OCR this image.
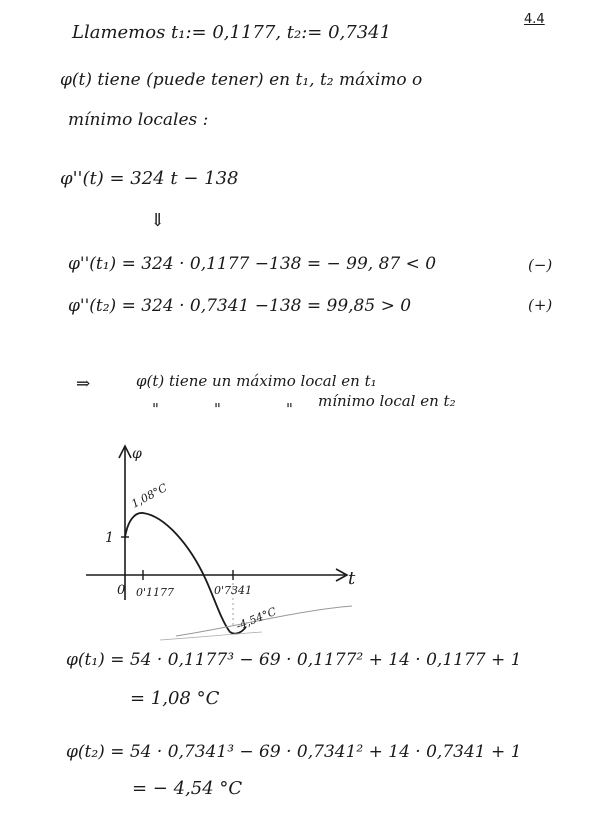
4.4
Llamemos t₁:= 0,1177, t₂:= 0,7341
φ(t) tiene (puede tener) en t₁, t₂ máximo o
mínimo locales :
φ''(t) = 324 t − 138
⇓
φ''(t₁) = 324 · 0,1177 −138 = − 99, 87 < 0	(−)
φ''(t₂) = 324 · 0,7341 −138 = 99,85 > 0	(+)
⇒	φ(t) tiene un máximo local en t₁
"	"	" mínimo local en t₂
φ
t
0
1
1,08°C
-4,54°C
0'1177	0'7341
φ(t₁) = 54 · 0,1177³ − 69 · 0,1177² + 14 · 0,1177 + 1
= 1,08 °C
φ(t₂) = 54 · 0,7341³ − 69 · 0,7341² + 14 · 0,7341 + 1
= − 4,54 °C
